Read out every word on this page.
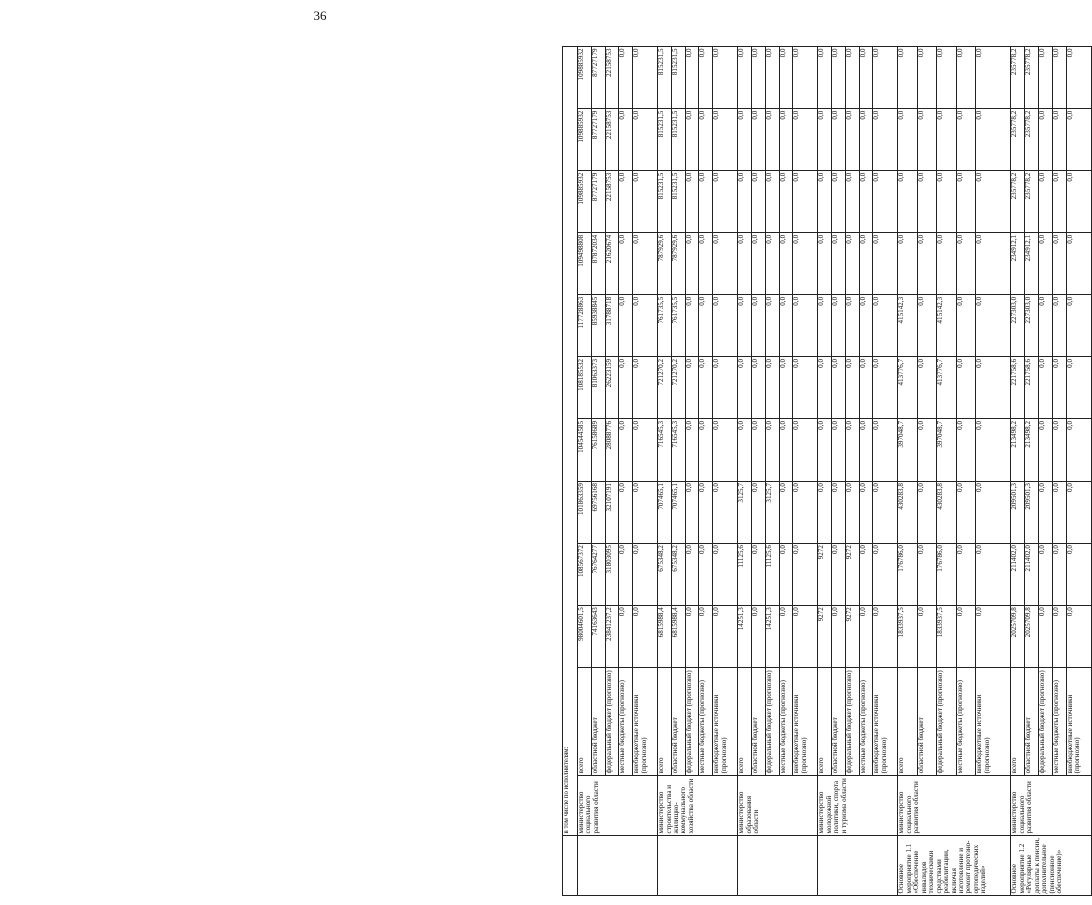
36
	в том числе по исполнителям:											
	министерство социального развития области	всего	98004601,5	108567372	101863359	104544585	108185532	117728863	109498808	109885932	109885932	109885932
		областной бюджет	74163643	76764277	69756168	76158689	81063373	85938845	87872034	87727179	87727179	87727179
		федеральный бюджет (прогнозно)	23841237,2	31803095	32107191	28088776	26223159	31788718	21620674	22158753	22158753	22158753
		местные бюджеты (прогнозно)	0,0	0,0	0,0	0,0	0,0	0,0	0,0	0,0	0,0	0,0
		внебюджетные источники (прогнозно)	0,0	0,0	0,0	0,0	0,0	0,0	0,0	0,0	0,0	0,0
	министерство строительства и жилищно-коммунального хозяйства области	всего	6815988,4	675348,2	707465,1	716545,3	721270,2	761735,5	787929,6	815231,5	815231,5	815231,5
		областной бюджет	6815988,4	675348,2	707465,1	716545,3	721270,2	761735,5	787929,6	815231,5	815231,5	815231,5
		федеральный бюджет (прогнозно)	0,0	0,0	0,0	0,0	0,0	0,0	0,0	0,0	0,0	0,0
		местные бюджеты (прогнозно)	0,0	0,0	0,0	0,0	0,0	0,0	0,0	0,0	0,0	0,0
		внебюджетные источники (прогнозно)	0,0	0,0	0,0	0,0	0,0	0,0	0,0	0,0	0,0	0,0
	министерство образования области	всего	14251,3	11125,6	3125,7	0,0	0,0	0,0	0,0	0,0	0,0	0,0
		областной бюджет	0,0	0,0	0,0	0,0	0,0	0,0	0,0	0,0	0,0	0,0
		федеральный бюджет (прогнозно)	14251,3	11125,6	3125,7	0,0	0,0	0,0	0,0	0,0	0,0	0,0
		местные бюджеты (прогнозно)	0,0	0,0	0,0	0,0	0,0	0,0	0,0	0,0	0,0	0,0
		внебюджетные источники (прогнозно)	0,0	0,0	0,0	0,0	0,0	0,0	0,0	0,0	0,0	0,0
	министерство молодежной политики, спорта и туризма области	всего	9272	9272	0,0	0,0	0,0	0,0	0,0	0,0	0,0	0,0
		областной бюджет	0,0	0,0	0,0	0,0	0,0	0,0	0,0	0,0	0,0	0,0
		федеральный бюджет (прогнозно)	9272	9272	0,0	0,0	0,0	0,0	0,0	0,0	0,0	0,0
		местные бюджеты (прогнозно)	0,0	0,0	0,0	0,0	0,0	0,0	0,0	0,0	0,0	0,0
		внебюджетные источники (прогнозно)	0,0	0,0	0,0	0,0	0,0	0,0	0,0	0,0	0,0	0,0
Основное мероприятие 1.1 «Обеспечение инвалидов техническими средствами реабилитации, включая изготовление и ремонт протезно-ортопедических изделий»	министерство социального развития области	всего	1833937,5	176786,0	430283,8	397048,7	413776,7	415142,3	0,0	0,0	0,0	0,0
		областной бюджет	0,0	0,0	0,0	0,0	0,0	0,0	0,0	0,0	0,0	0,0
		федеральный бюджет (прогнозно)	1833937,5	176786,0	430283,8	397048,7	413776,7	415142,3	0,0	0,0	0,0	0,0
		местные бюджеты (прогнозно)	0,0	0,0	0,0	0,0	0,0	0,0	0,0	0,0	0,0	0,0
		внебюджетные источники (прогнозно)	0,0	0,0	0,0	0,0	0,0	0,0	0,0	0,0	0,0	0,0
Основное мероприятие 1.2 «Регулярные доплаты к пенсии, дополнительное (пенсионное обеспечение)»	министерство социального развития области	всего	2025709,8	211402,0	209501,3	213498,2	221758,6	227303,0	234912,1	235778,2	235778,2	235778,2
		областной бюджет	2025709,8	211402,0	209501,3	213498,2	221758,6	227303,0	234912,1	235778,2	235778,2	235778,2
		федеральный бюджет (прогнозно)	0,0	0,0	0,0	0,0	0,0	0,0	0,0	0,0	0,0	0,0
		местные бюджеты (прогнозно)	0,0	0,0	0,0	0,0	0,0	0,0	0,0	0,0	0,0	0,0
		внебюджетные источники (прогнозно)	0,0	0,0	0,0	0,0	0,0	0,0	0,0	0,0	0,0	0,0
